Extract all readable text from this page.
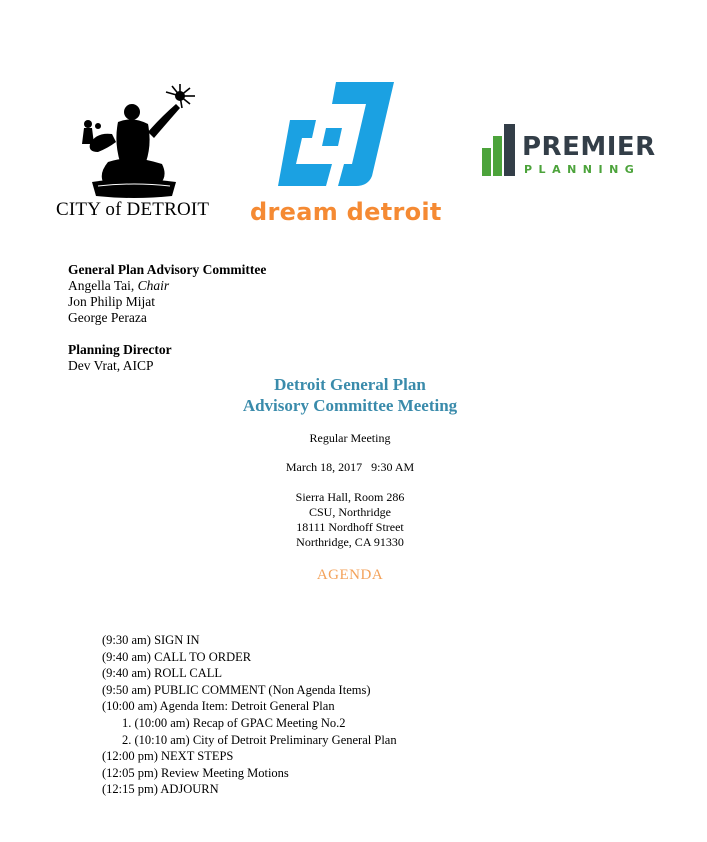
CITY of DETROIT dream detroit
PREMIER
PLANNING
General Plan Advisory Committee
Angella Tai, Chair
Jon Philip Mijat
George Peraza
Planning Director
Dev Vrat, AICP
Detroit General Plan
Advisory Committee Meeting
Regular Meeting
March 18, 2017   9:30 AM
Sierra Hall, Room 286
CSU, Northridge
18111 Nordhoff Street
Northridge, CA 91330
AGENDA
(9:30 am) SIGN IN
(9:40 am) CALL TO ORDER
(9:40 am) ROLL CALL
(9:50 am) PUBLIC COMMENT (Non Agenda Items)
(10:00 am) Agenda Item: Detroit General Plan
1. (10:00 am) Recap of GPAC Meeting No.2
2. (10:10 am) City of Detroit Preliminary General Plan
(12:00 pm) NEXT STEPS
(12:05 pm) Review Meeting Motions
(12:15 pm) ADJOURN
